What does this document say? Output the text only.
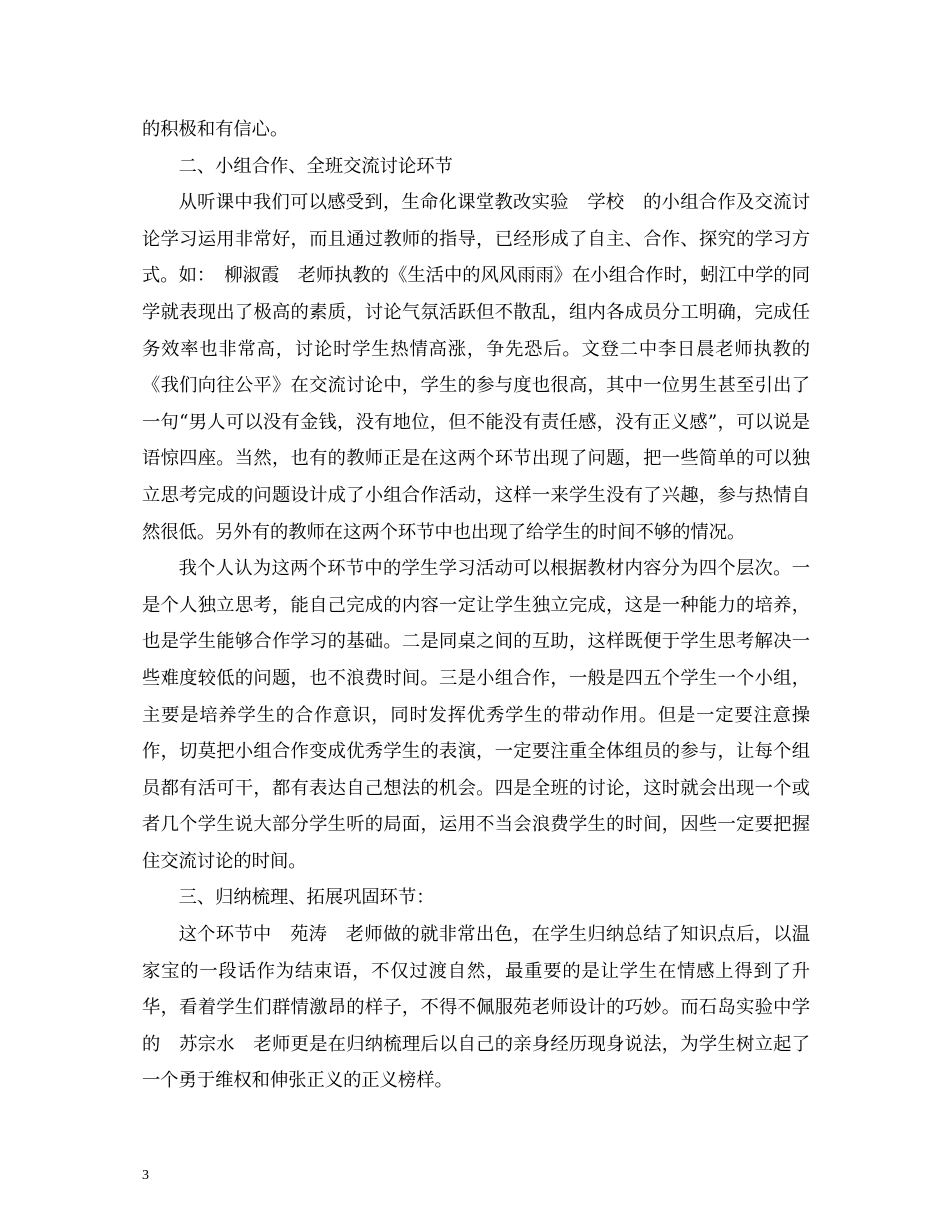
的积极和有信心。

二、小组合作、全班交流讨论环节

从听课中我们可以感受到，生命化课堂教改实验　学校　的小组合作及交流讨论学习运用非常好，而且通过教师的指导，已经形成了自主、合作、探究的学习方式。如：　柳淑霞　老师执教的《生活中的风风雨雨》在小组合作时，蚓江中学的同学就表现出了极高的素质，讨论气氛活跃但不散乱，组内各成员分工明确，完成任务效率也非常高，讨论时学生热情高涨，争先恐后。文登二中李日晨老师执教的《我们向往公平》在交流讨论中，学生的参与度也很高，其中一位男生甚至引出了一句“男人可以没有金钱，没有地位，但不能没有责任感，没有正义感”，可以说是语惊四座。当然，也有的教师正是在这两个环节出现了问题，把一些简单的可以独立思考完成的问题设计成了小组合作活动，这样一来学生没有了兴趣，参与热情自然很低。另外有的教师在这两个环节中也出现了给学生的时间不够的情况。

我个人认为这两个环节中的学生学习活动可以根据教材内容分为四个层次。一是个人独立思考，能自己完成的内容一定让学生独立完成，这是一种能力的培养，也是学生能够合作学习的基础。二是同桌之间的互助，这样既便于学生思考解决一些难度较低的问题，也不浪费时间。三是小组合作，一般是四五个学生一个小组，主要是培养学生的合作意识，同时发挥优秀学生的带动作用。但是一定要注意操作，切莫把小组合作变成优秀学生的表演，一定要注重全体组员的参与，让每个组员都有活可干，都有表达自己想法的机会。四是全班的讨论，这时就会出现一个或者几个学生说大部分学生听的局面，运用不当会浪费学生的时间，因些一定要把握住交流讨论的时间。

三、归纳梳理、拓展巩固环节：

这个环节中　苑涛　老师做的就非常出色，在学生归纳总结了知识点后，以温家宝的一段话作为结束语，不仅过渡自然，最重要的是让学生在情感上得到了升华，看着学生们群情激昂的样子，不得不佩服苑老师设计的巧妙。而石岛实验中学的　苏宗水　老师更是在归纳梳理后以自己的亲身经历现身说法，为学生树立起了一个勇于维权和伸张正义的正义榜样。

3
